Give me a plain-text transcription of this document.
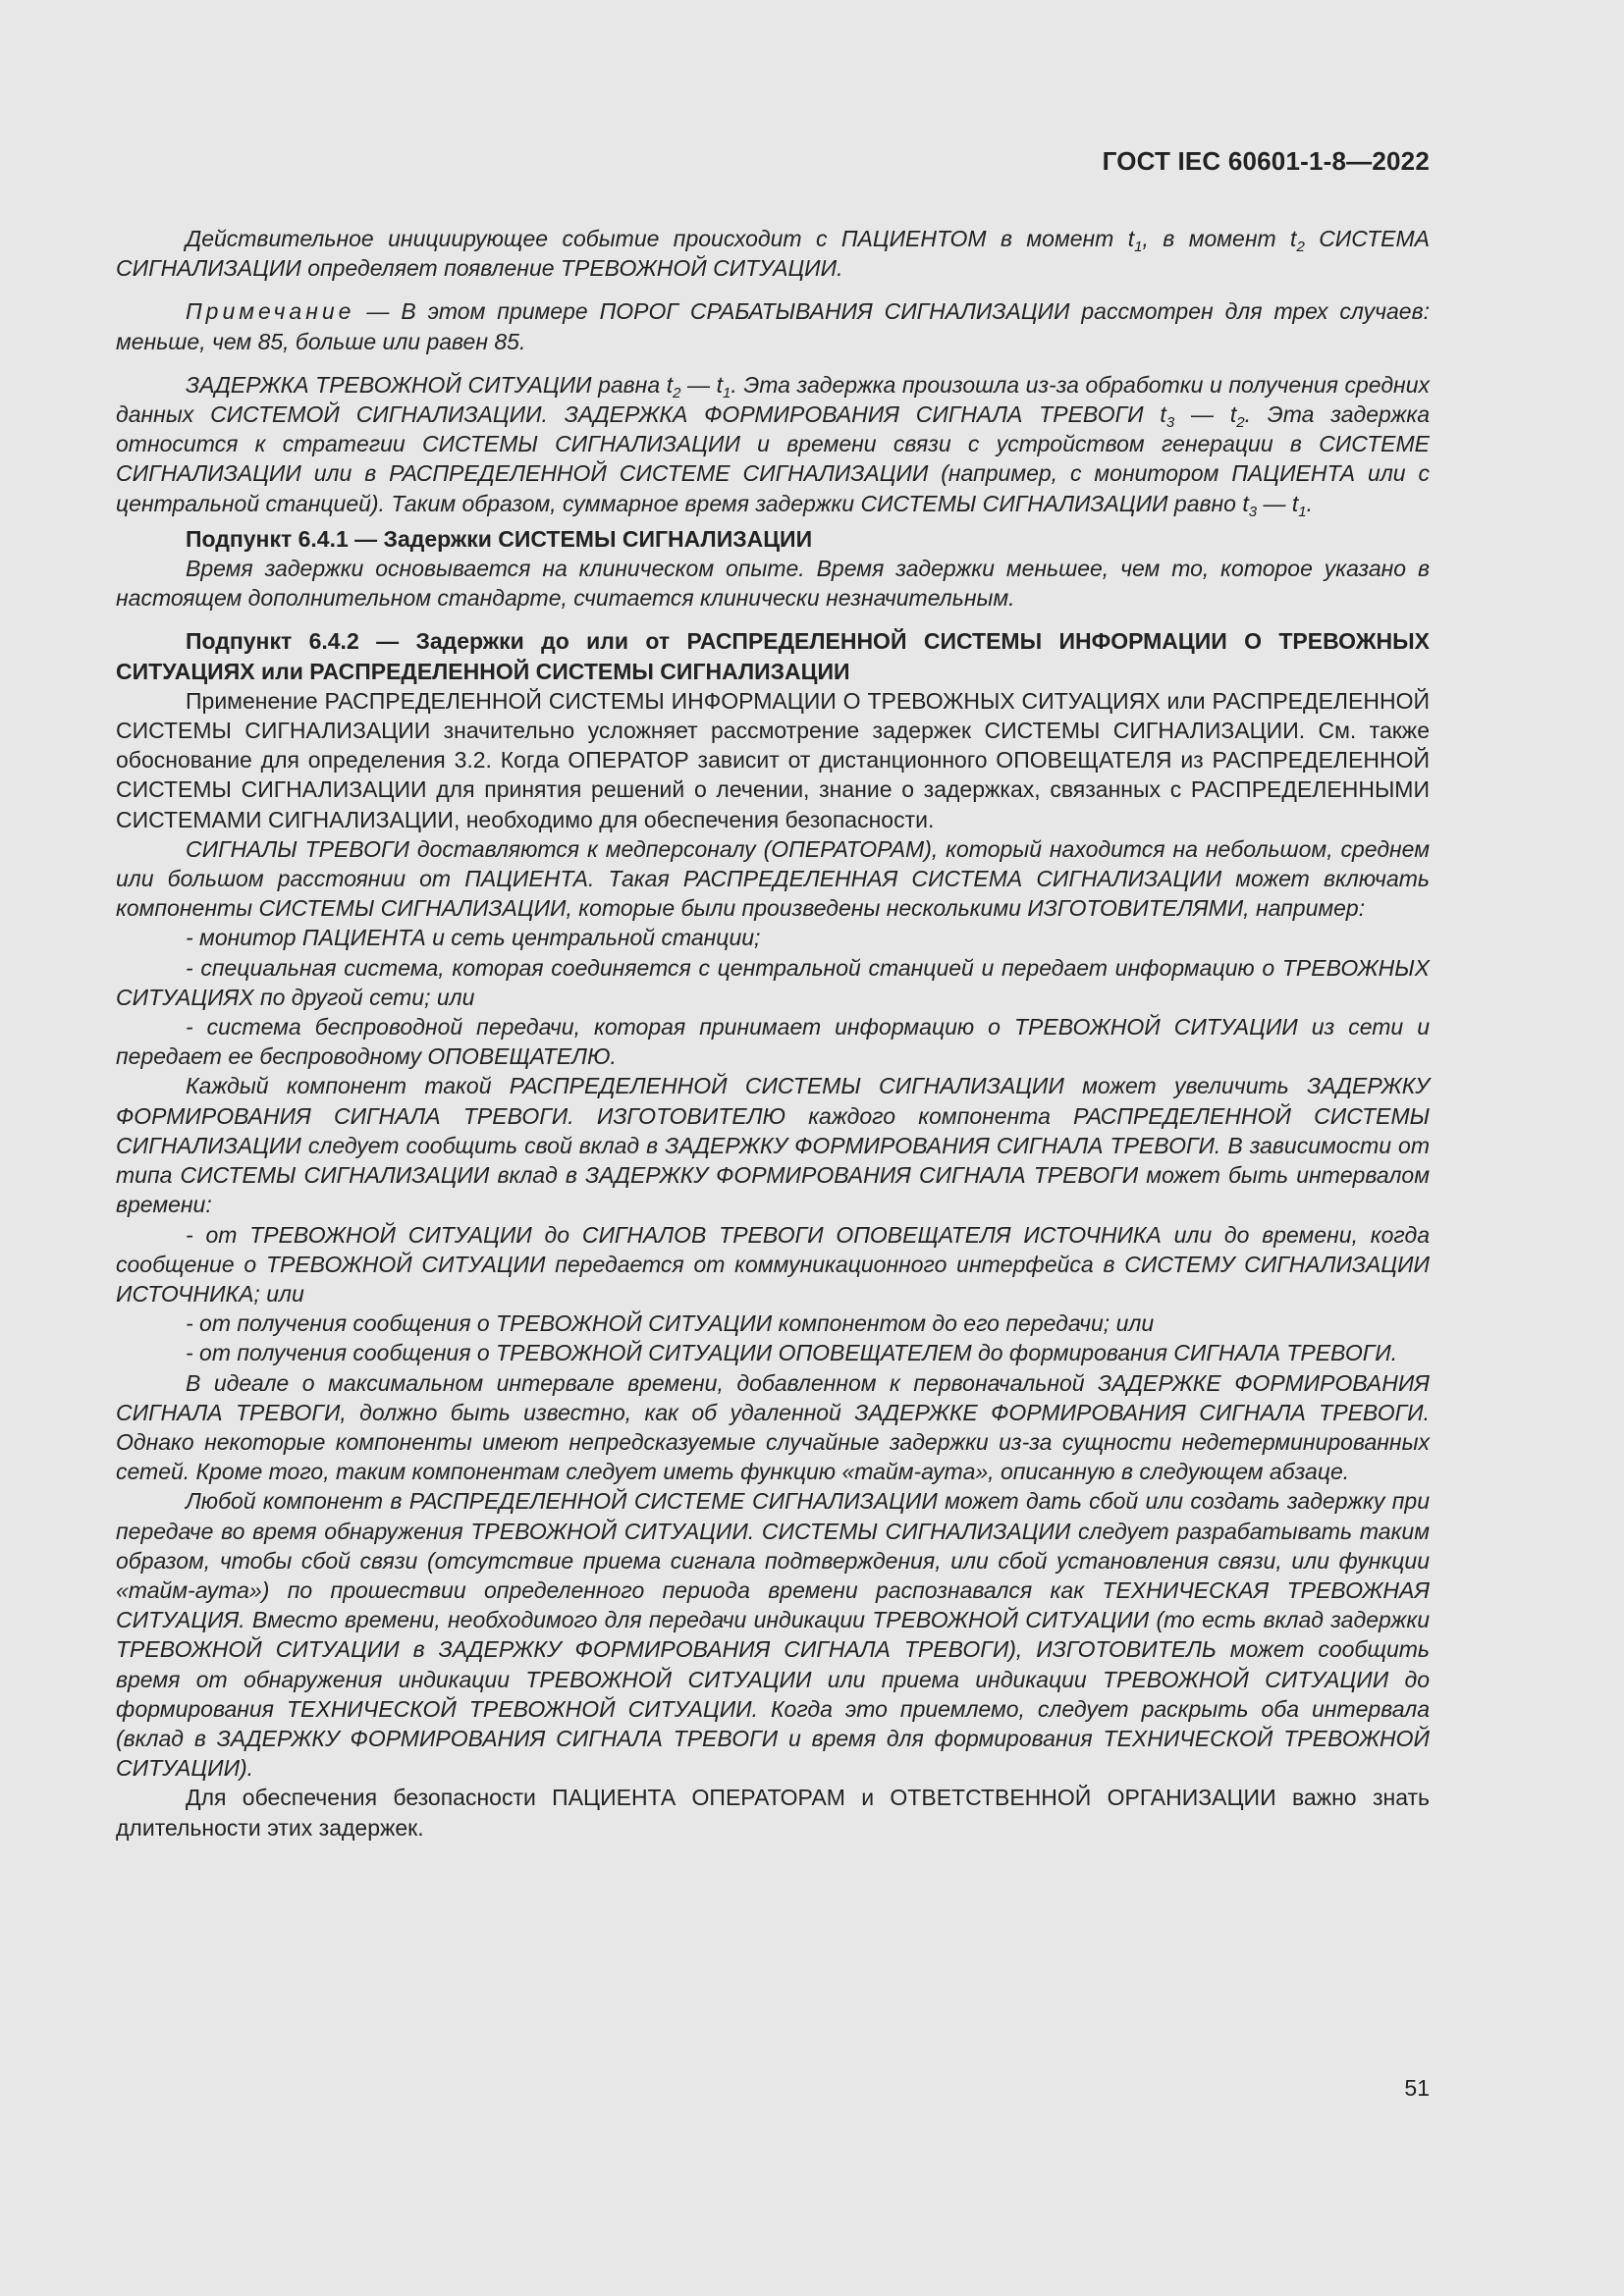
ГОСТ IEC 60601-1-8—2022

Действительное инициирующее событие происходит с ПАЦИЕНТОМ в момент $t_1$, в момент $t_2$ СИСТЕМА СИГНАЛИЗАЦИИ определяет появление ТРЕВОЖНОЙ СИТУАЦИИ.

Примечание — В этом примере ПОРОГ СРАБАТЫВАНИЯ СИГНАЛИЗАЦИИ рассмотрен для трех случаев: меньше, чем 85, больше или равен 85.

ЗАДЕРЖКА ТРЕВОЖНОЙ СИТУАЦИИ равна $t_2$ — $t_1$. Эта задержка произошла из-за обработки и получения средних данных СИСТЕМОЙ СИГНАЛИЗАЦИИ. ЗАДЕРЖКА ФОРМИРОВАНИЯ СИГНАЛА ТРЕВОГИ $t_3$ — $t_2$. Эта задержка относится к стратегии СИСТЕМЫ СИГНАЛИЗАЦИИ и времени связи с устройством генерации в СИСТЕМЕ СИГНАЛИЗАЦИИ или в РАСПРЕДЕЛЕННОЙ СИСТЕМЕ СИГНАЛИЗАЦИИ (например, с монитором ПАЦИЕНТА или с центральной станцией). Таким образом, суммарное время задержки СИСТЕМЫ СИГНАЛИЗАЦИИ равно $t_3$ — $t_1$.

Подпункт 6.4.1 — Задержки СИСТЕМЫ СИГНАЛИЗАЦИИ

Время задержки основывается на клиническом опыте. Время задержки меньшее, чем то, которое указано в настоящем дополнительном стандарте, считается клинически незначительным.

Подпункт 6.4.2 — Задержки до или от РАСПРЕДЕЛЕННОЙ СИСТЕМЫ ИНФОРМАЦИИ О ТРЕВОЖНЫХ СИТУАЦИЯХ или РАСПРЕДЕЛЕННОЙ СИСТЕМЫ СИГНАЛИЗАЦИИ

Применение РАСПРЕДЕЛЕННОЙ СИСТЕМЫ ИНФОРМАЦИИ О ТРЕВОЖНЫХ СИТУАЦИЯХ или РАСПРЕДЕЛЕННОЙ СИСТЕМЫ СИГНАЛИЗАЦИИ значительно усложняет рассмотрение задержек СИСТЕМЫ СИГНАЛИЗАЦИИ. См. также обоснование для определения 3.2. Когда ОПЕРАТОР зависит от дистанционного ОПОВЕЩАТЕЛЯ из РАСПРЕДЕЛЕННОЙ СИСТЕМЫ СИГНАЛИЗАЦИИ для принятия решений о лечении, знание о задержках, связанных с РАСПРЕДЕЛЕННЫМИ СИСТЕМАМИ СИГНАЛИЗАЦИИ, необходимо для обеспечения безопасности.

СИГНАЛЫ ТРЕВОГИ доставляются к медперсоналу (ОПЕРАТОРАМ), который находится на небольшом, среднем или большом расстоянии от ПАЦИЕНТА. Такая РАСПРЕДЕЛЕННАЯ СИСТЕМА СИГНАЛИЗАЦИИ может включать компоненты СИСТЕМЫ СИГНАЛИЗАЦИИ, которые были произведены несколькими ИЗГОТОВИТЕЛЯМИ, например:

- монитор ПАЦИЕНТА и сеть центральной станции;

- специальная система, которая соединяется с центральной станцией и передает информацию о ТРЕВОЖНЫХ СИТУАЦИЯХ по другой сети; или

- система беспроводной передачи, которая принимает информацию о ТРЕВОЖНОЙ СИТУАЦИИ из сети и передает ее беспроводному ОПОВЕЩАТЕЛЮ.

Каждый компонент такой РАСПРЕДЕЛЕННОЙ СИСТЕМЫ СИГНАЛИЗАЦИИ может увеличить ЗАДЕРЖКУ ФОРМИРОВАНИЯ СИГНАЛА ТРЕВОГИ. ИЗГОТОВИТЕЛЮ каждого компонента РАСПРЕДЕЛЕННОЙ СИСТЕМЫ СИГНАЛИЗАЦИИ следует сообщить свой вклад в ЗАДЕРЖКУ ФОРМИРОВАНИЯ СИГНАЛА ТРЕВОГИ. В зависимости от типа СИСТЕМЫ СИГНАЛИЗАЦИИ вклад в ЗАДЕРЖКУ ФОРМИРОВАНИЯ СИГНАЛА ТРЕВОГИ может быть интервалом времени:

- от ТРЕВОЖНОЙ СИТУАЦИИ до СИГНАЛОВ ТРЕВОГИ ОПОВЕЩАТЕЛЯ ИСТОЧНИКА или до времени, когда сообщение о ТРЕВОЖНОЙ СИТУАЦИИ передается от коммуникационного интерфейса в СИСТЕМУ СИГНАЛИЗАЦИИ ИСТОЧНИКА; или

- от получения сообщения о ТРЕВОЖНОЙ СИТУАЦИИ компонентом до его передачи; или

- от получения сообщения о ТРЕВОЖНОЙ СИТУАЦИИ ОПОВЕЩАТЕЛЕМ до формирования СИГНАЛА ТРЕВОГИ.

В идеале о максимальном интервале времени, добавленном к первоначальной ЗАДЕРЖКЕ ФОРМИРОВАНИЯ СИГНАЛА ТРЕВОГИ, должно быть известно, как об удаленной ЗАДЕРЖКЕ ФОРМИРОВАНИЯ СИГНАЛА ТРЕВОГИ. Однако некоторые компоненты имеют непредсказуемые случайные задержки из-за сущности недетерминированных сетей. Кроме того, таким компонентам следует иметь функцию «тайм-аута», описанную в следующем абзаце.

Любой компонент в РАСПРЕДЕЛЕННОЙ СИСТЕМЕ СИГНАЛИЗАЦИИ может дать сбой или создать задержку при передаче во время обнаружения ТРЕВОЖНОЙ СИТУАЦИИ. СИСТЕМЫ СИГНАЛИЗАЦИИ следует разрабатывать таким образом, чтобы сбой связи (отсутствие приема сигнала подтверждения, или сбой установления связи, или функции «тайм-аута») по прошествии определенного периода времени распознавался как ТЕХНИЧЕСКАЯ ТРЕВОЖНАЯ СИТУАЦИЯ. Вместо времени, необходимого для передачи индикации ТРЕВОЖНОЙ СИТУАЦИИ (то есть вклад задержки ТРЕВОЖНОЙ СИТУАЦИИ в ЗАДЕРЖКУ ФОРМИРОВАНИЯ СИГНАЛА ТРЕВОГИ), ИЗГОТОВИТЕЛЬ может сообщить время от обнаружения индикации ТРЕВОЖНОЙ СИТУАЦИИ или приема индикации ТРЕВОЖНОЙ СИТУАЦИИ до формирования ТЕХНИЧЕСКОЙ ТРЕВОЖНОЙ СИТУАЦИИ. Когда это приемлемо, следует раскрыть оба интервала (вклад в ЗАДЕРЖКУ ФОРМИРОВАНИЯ СИГНАЛА ТРЕВОГИ и время для формирования ТЕХНИЧЕСКОЙ ТРЕВОЖНОЙ СИТУАЦИИ).

Для обеспечения безопасности ПАЦИЕНТА ОПЕРАТОРАМ и ОТВЕТСТВЕННОЙ ОРГАНИЗАЦИИ важно знать длительности этих задержек.

51
